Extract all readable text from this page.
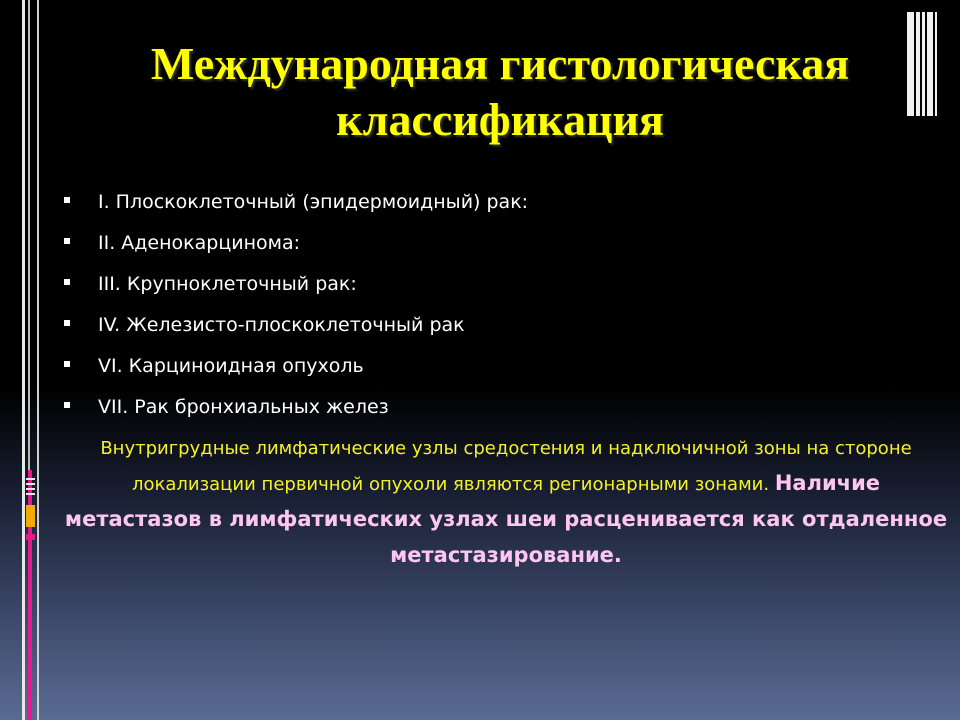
Международная гистологическая классификация
I. Плоскоклеточный (эпидермоидный) рак:
II. Аденокарцинома:
III. Крупноклеточный рак:
IV. Железисто-плоскоклеточный рак
VI. Карциноидная опухоль
VII. Рак бронхиальных желез
Внутригрудные лимфатические узлы средостения и надключичной зоны на стороне локализации первичной опухоли являются регионарными зонами. Наличие метастазов в лимфатических узлах шеи расценивается как отдаленное метастазирование.
